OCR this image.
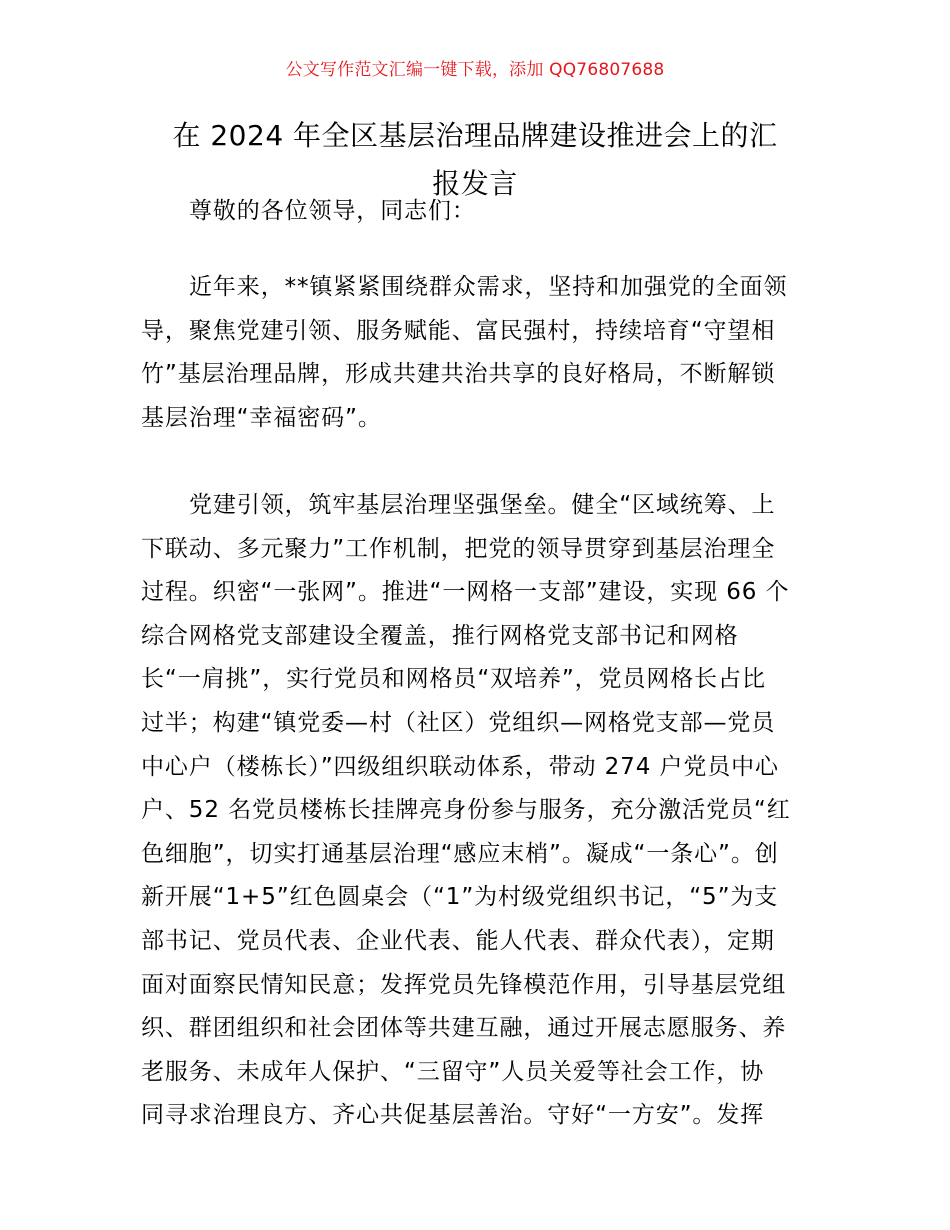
公文写作范文汇编一键下载，添加 QQ76807688
在 2024 年全区基层治理品牌建设推进会上的汇
报发言
尊敬的各位领导，同志们：

近年来，**镇紧紧围绕群众需求，坚持和加强党的全面领
导，聚焦党建引领、服务赋能、富民强村，持续培育“守望相
竹”基层治理品牌，形成共建共治共享的良好格局，不断解锁
基层治理“幸福密码”。

党建引领，筑牢基层治理坚强堡垒。健全“区域统筹、上
下联动、多元聚力”工作机制，把党的领导贯穿到基层治理全
过程。织密“一张网”。推进“一网格一支部”建设，实现 66 个
综合网格党支部建设全覆盖，推行网格党支部书记和网格
长“一肩挑”，实行党员和网格员“双培养”，党员网格长占比
过半；构建“镇党委—村（社区）党组织—网格党支部—党员
中心户（楼栋长）”四级组织联动体系，带动 274 户党员中心
户、52 名党员楼栋长挂牌亮身份参与服务，充分激活党员“红
色细胞”，切实打通基层治理“感应末梢”。凝成“一条心”。创
新开展“1+5”红色圆桌会（“1”为村级党组织书记，“5”为支
部书记、党员代表、企业代表、能人代表、群众代表），定期
面对面察民情知民意；发挥党员先锋模范作用，引导基层党组
织、群团组织和社会团体等共建互融，通过开展志愿服务、养
老服务、未成年人保护、“三留守”人员关爱等社会工作，协
同寻求治理良方、齐心共促基层善治。守好“一方安”。发挥
